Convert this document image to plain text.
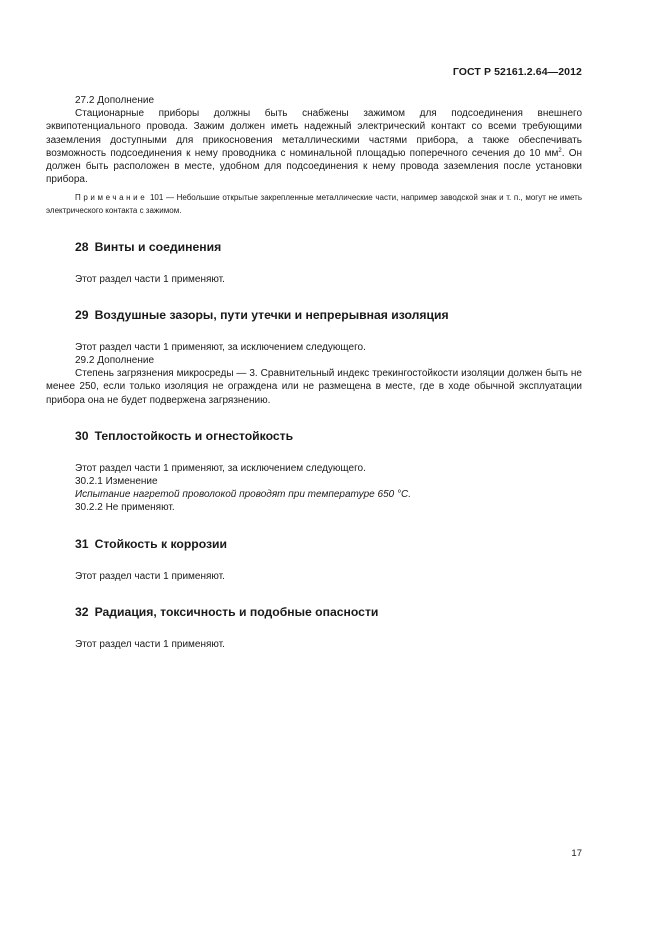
ГОСТ Р 52161.2.64—2012

27.2 Дополнение

Стационарные приборы должны быть снабжены зажимом для подсоединения внешнего эквипотенциального провода. Зажим должен иметь надежный электрический контакт со всеми требующими заземления доступными для прикосновения металлическими частями прибора, а также обеспечивать возможность подсоединения к нему проводника с номинальной площадью поперечного сечения до 10 $мм^2$. Он должен быть расположен в месте, удобном для подсоединения к нему провода заземления после установки прибора.

Примечание 101 — Небольшие открытые закрепленные металлические части, например заводской знак и т. п., могут не иметь электрического контакта с зажимом.

28 Винты и соединения

Этот раздел части 1 применяют.

29 Воздушные зазоры, пути утечки и непрерывная изоляция

Этот раздел части 1 применяют, за исключением следующего.

29.2 Дополнение

Степень загрязнения микросреды — 3. Сравнительный индекс трекингостойкости изоляции должен быть не менее 250, если только изоляция не ограждена или не размещена в месте, где в ходе обычной эксплуатации прибора она не будет подвержена загрязнению.

30 Теплостойкость и огнестойкость

Этот раздел части 1 применяют, за исключением следующего.

30.2.1 Изменение

Испытание нагретой проволокой проводят при температуре 650 °С.

30.2.2 Не применяют.

31 Стойкость к коррозии

Этот раздел части 1 применяют.

32 Радиация, токсичность и подобные опасности

Этот раздел части 1 применяют.

17
